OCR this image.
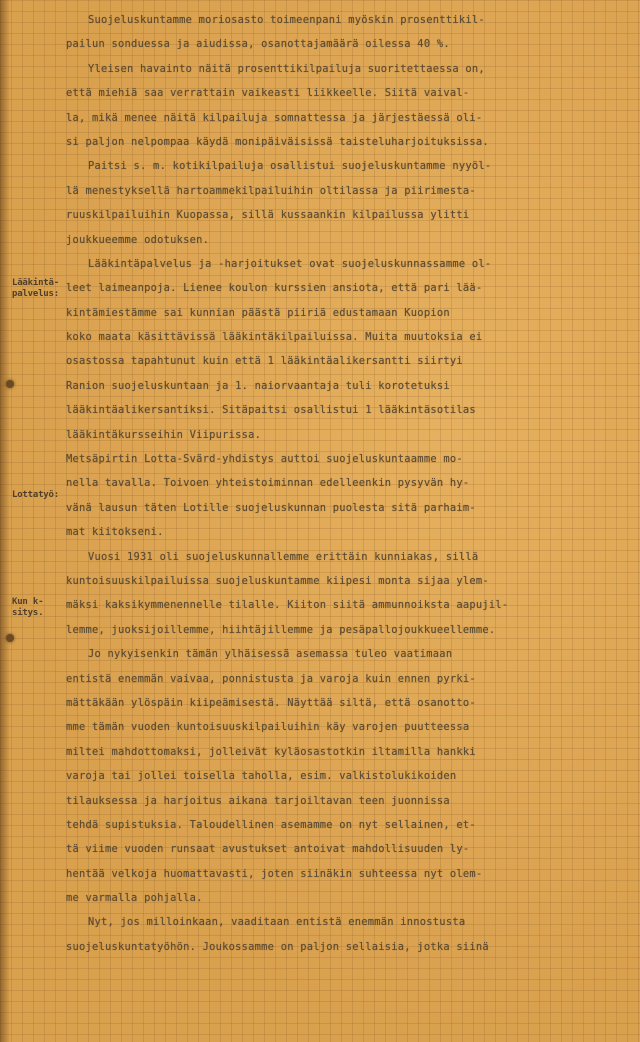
Lääkintä-
palvelus:
Lottatyö:
Kun k-
sitys.
Suojeluskuntamme moriosasto toimeenpani myöskin prosenttikil-
pailun sonduessa ja aiudissa, osanottajamäärä oilessa 40 %.
Yleisen havainto näitä prosenttikilpailuja suoritettaessa on,
että miehiä saa verrattain vaikeasti liikkeelle. Siitä vaival-
la, mikä menee näitä kilpailuja somnattessa ja järjestäessä oli-
si paljon nelpompaa käydä monipäiväisissä taisteluharjoituksissa.
Paitsi s. m. kotikilpailuja osallistui suojeluskuntamme nyyöl-
lä menestyksellä hartoammekilpailuihin oltilassa ja piirimesta-
ruuskilpailuihin Kuopassa, sillä kussaankin kilpailussa ylitti
joukkueemme odotuksen.
Lääkintäpalvelus ja -harjoitukset ovat suojeluskunnassamme ol-
leet laimeanpoja. Lienee koulon kurssien ansiota, että pari lää-
kintämiestämme sai kunnian päästä piiriä edustamaan Kuopion
koko maata käsittävissä lääkintäkilpailuissa. Muita muutoksia ei
osastossa tapahtunut kuin että 1 lääkintäalikersantti siirtyi
Ranion suojeluskuntaan ja 1. naiorvaantaja tuli korotetuksi
lääkintäalikersantiksi. Sitäpaitsi osallistui 1 lääkintäsotilas
lääkintäkursseihin Viipurissa.
Metsäpirtin Lotta-Svärd-yhdistys auttoi suojeluskuntaamme mo-
nella tavalla. Toivoen yhteistoiminnan edelleenkin pysyvän hy-
vänä lausun täten Lotille suojeluskunnan puolesta sitä parhaim-
mat kiitokseni.
Vuosi 1931 oli suojeluskunnallemme erittäin kunniakas, sillä
kuntoisuuskilpailuissa suojeluskuntamme kiipesi monta sijaa ylem-
mäksi kaksikymmenennelle tilalle. Kiiton siitä ammunnoiksta aapujil-
lemme, juoksijoillemme, hiihtäjillemme ja pesäpallojoukkueellemme.
Jo nykyisenkin tämän ylhäisessä asemassa tuleo vaatimaan
entistä enemmän vaivaa, ponnistusta ja varoja kuin ennen pyrki-
mättäkään ylöspäin kiipeämisestä. Näyttää siltä, että osanotto-
mme tämän vuoden kuntoisuuskilpailuihin käy varojen puutteessa
miltei mahdottomaksi, jolleivät kyläosastotkin iltamilla hankki
varoja tai jollei toisella taholla, esim. valkistolukikoiden
tilauksessa ja harjoitus aikana tarjoiltavan teen juonnissa
tehdä supistuksia. Taloudellinen asemamme on nyt sellainen, et-
tä viime vuoden runsaat avustukset antoivat mahdollisuuden ly-
hentää velkoja huomattavasti, joten siinäkin suhteessa nyt olem-
me varmalla pohjalla.
Nyt, jos milloinkaan, vaaditaan entistä enemmän innostusta
suojeluskuntatyöhön. Joukossamme on paljon sellaisia, jotka siinä
